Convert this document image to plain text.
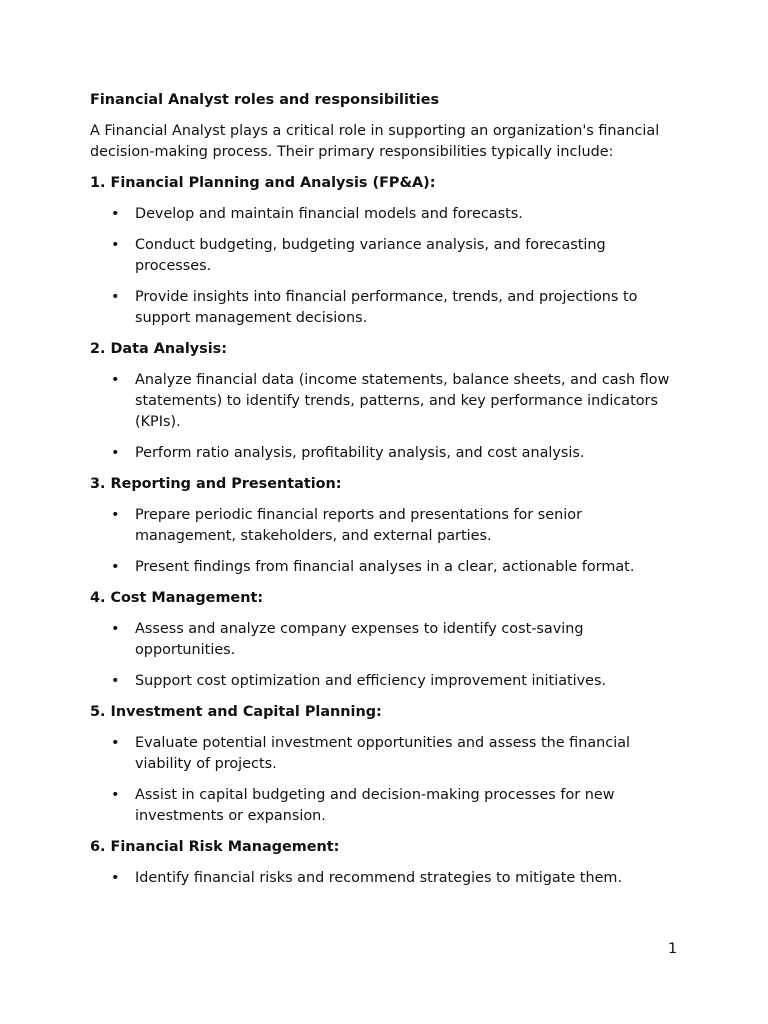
Financial Analyst roles and responsibilities
A Financial Analyst plays a critical role in supporting an organization's financial decision-making process. Their primary responsibilities typically include:
1. Financial Planning and Analysis (FP&A):
• Develop and maintain financial models and forecasts.
• Conduct budgeting, budgeting variance analysis, and forecasting processes.
• Provide insights into financial performance, trends, and projections to support management decisions.
2. Data Analysis:
• Analyze financial data (income statements, balance sheets, and cash flow statements) to identify trends, patterns, and key performance indicators (KPIs).
• Perform ratio analysis, profitability analysis, and cost analysis.
3. Reporting and Presentation:
• Prepare periodic financial reports and presentations for senior management, stakeholders, and external parties.
• Present findings from financial analyses in a clear, actionable format.
4. Cost Management:
• Assess and analyze company expenses to identify cost-saving opportunities.
• Support cost optimization and efficiency improvement initiatives.
5. Investment and Capital Planning:
• Evaluate potential investment opportunities and assess the financial viability of projects.
• Assist in capital budgeting and decision-making processes for new investments or expansion.
6. Financial Risk Management:
• Identify financial risks and recommend strategies to mitigate them.
1
